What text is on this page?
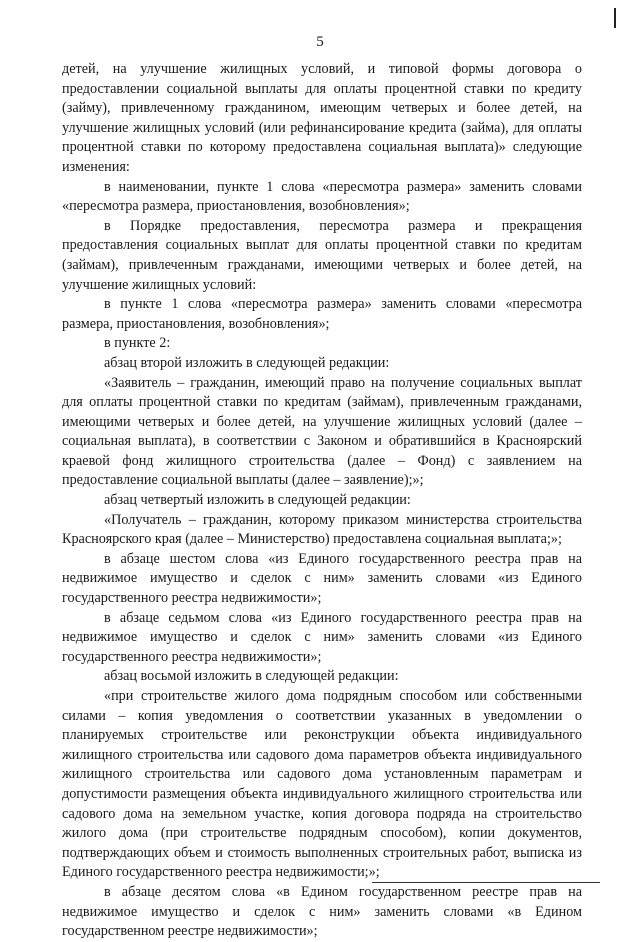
5

детей, на улучшение жилищных условий, и типовой формы договора о предоставлении социальной выплаты для оплаты процентной ставки по кредиту (займу), привлеченному гражданином, имеющим четверых и более детей, на улучшение жилищных условий (или рефинансирование кредита (займа), для оплаты процентной ставки по которому предоставлена социальная выплата)» следующие изменения:

в наименовании, пункте 1 слова «пересмотра размера» заменить словами «пересмотра размера, приостановления, возобновления»;

в Порядке предоставления, пересмотра размера и прекращения предоставления социальных выплат для оплаты процентной ставки по кредитам (займам), привлеченным гражданами, имеющими четверых и более детей, на улучшение жилищных условий:

в пункте 1 слова «пересмотра размера» заменить словами «пересмотра размера, приостановления, возобновления»;

в пункте 2:

абзац второй изложить в следующей редакции:

«Заявитель – гражданин, имеющий право на получение социальных выплат для оплаты процентной ставки по кредитам (займам), привлеченным гражданами, имеющими четверых и более детей, на улучшение жилищных условий (далее – социальная выплата), в соответствии с Законом и обратившийся в Красноярский краевой фонд жилищного строительства (далее – Фонд) с заявлением на предоставление социальной выплаты (далее – заявление);»;

абзац четвертый изложить в следующей редакции:

«Получатель – гражданин, которому приказом министерства строительства Красноярского края (далее – Министерство) предоставлена социальная выплата;»;

в абзаце шестом слова «из Единого государственного реестра прав на недвижимое имущество и сделок с ним» заменить словами «из Единого государственного реестра недвижимости»;

в абзаце седьмом слова «из Единого государственного реестра прав на недвижимое имущество и сделок с ним» заменить словами «из Единого государственного реестра недвижимости»;

абзац восьмой изложить в следующей редакции:

«при строительстве жилого дома подрядным способом или собственными силами – копия уведомления о соответствии указанных в уведомлении о планируемых строительстве или реконструкции объекта индивидуального жилищного строительства или садового дома параметров объекта индивидуального жилищного строительства или садового дома установленным параметрам и допустимости размещения объекта индивидуального жилищного строительства или садового дома на земельном участке, копия договора подряда на строительство жилого дома (при строительстве подрядным способом), копии документов, подтверждающих объем и стоимость выполненных строительных работ, выписка из Единого государственного реестра недвижимости;»;

в абзаце десятом слова «в Едином государственном реестре прав на недвижимое имущество и сделок с ним» заменить словами «в Едином государственном реестре недвижимости»;
